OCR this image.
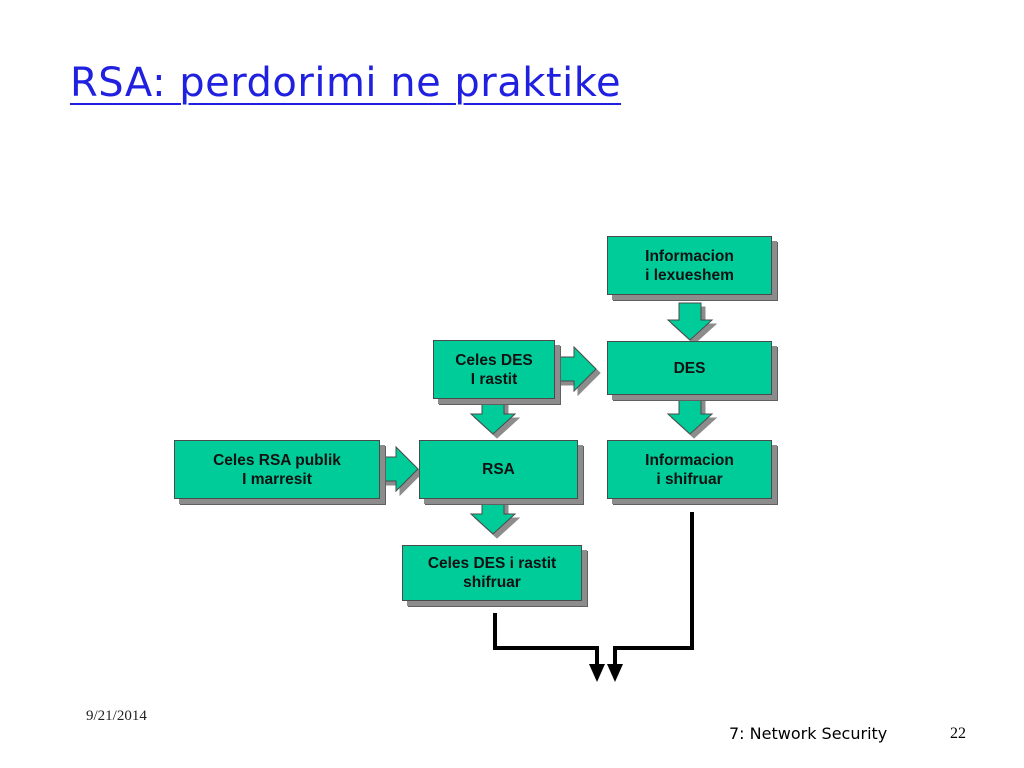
RSA: perdorimi ne praktike
Informacion
i lexueshem
DES
Informacion
i shifruar
Celes DES
I rastit
RSA
Celes RSA publik
I marresit
Celes DES i rastit
shifruar
9/21/2014
7: Network Security	22
